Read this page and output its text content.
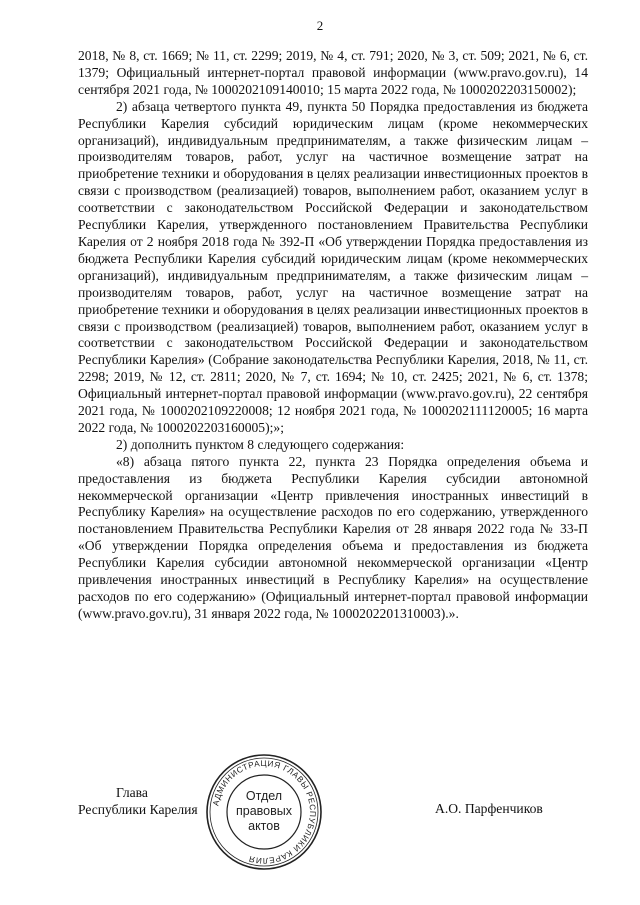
2

2018, № 8, ст. 1669; № 11, ст. 2299; 2019, № 4, ст. 791; 2020, № 3, ст. 509; 2021, № 6, ст. 1379; Официальный интернет-портал правовой информации (www.pravo.gov.ru), 14 сентября 2021 года, № 1000202109140010; 15 марта 2022 года, № 1000202203150002);

2) абзаца четвертого пункта 49, пункта 50 Порядка предоставления из бюджета Республики Карелия субсидий юридическим лицам (кроме некоммерческих организаций), индивидуальным предпринимателям, а также физическим лицам – производителям товаров, работ, услуг на частичное возмещение затрат на приобретение техники и оборудования в целях реализации инвестиционных проектов в связи с производством (реализацией) товаров, выполнением работ, оказанием услуг в соответствии с законодательством Российской Федерации и законодательством Республики Карелия, утвержденного постановлением Правительства Республики Карелия от 2 ноября 2018 года № 392-П «Об утверждении Порядка предоставления из бюджета Республики Карелия субсидий юридическим лицам (кроме некоммерческих организаций), индивидуальным предпринимателям, а также физическим лицам – производителям товаров, работ, услуг на частичное возмещение затрат на приобретение техники и оборудования в целях реализации инвестиционных проектов в связи с производством (реализацией) товаров, выполнением работ, оказанием услуг в соответствии с законодательством Российской Федерации и законодательством Республики Карелия» (Собрание законодательства Республики Карелия, 2018, № 11, ст. 2298; 2019, № 12, ст. 2811; 2020, № 7, ст. 1694; № 10, ст. 2425; 2021, № 6, ст. 1378; Официальный интернет-портал правовой информации (www.pravo.gov.ru), 22 сентября 2021 года, № 1000202109220008; 12 ноября 2021 года, № 1000202111120005; 16 марта 2022 года, № 1000202203160005);»;

2) дополнить пунктом 8 следующего содержания:

«8) абзаца пятого пункта 22, пункта 23 Порядка определения объема и предоставления из бюджета Республики Карелия субсидии автономной некоммерческой организации «Центр привлечения иностранных инвестиций в Республику Карелия» на осуществление расходов по его содержанию, утвержденного постановлением Правительства Республики Карелия от 28 января 2022 года № 33-П «Об утверждении Порядка определения объема и предоставления из бюджета Республики Карелия субсидии автономной некоммерческой организации «Центр привлечения иностранных инвестиций в Республику Карелия» на осуществление расходов по его содержанию» (Официальный интернет-портал правовой информации (www.pravo.gov.ru), 31 января 2022 года, № 1000202201310003).».

Глава
Республики Карелия АДМИНИСТРАЦИЯ ГЛАВЫ РЕСПУБЛИКИ КАРЕЛИЯ
Отдел
правовых
актов
А.О. Парфенчиков
